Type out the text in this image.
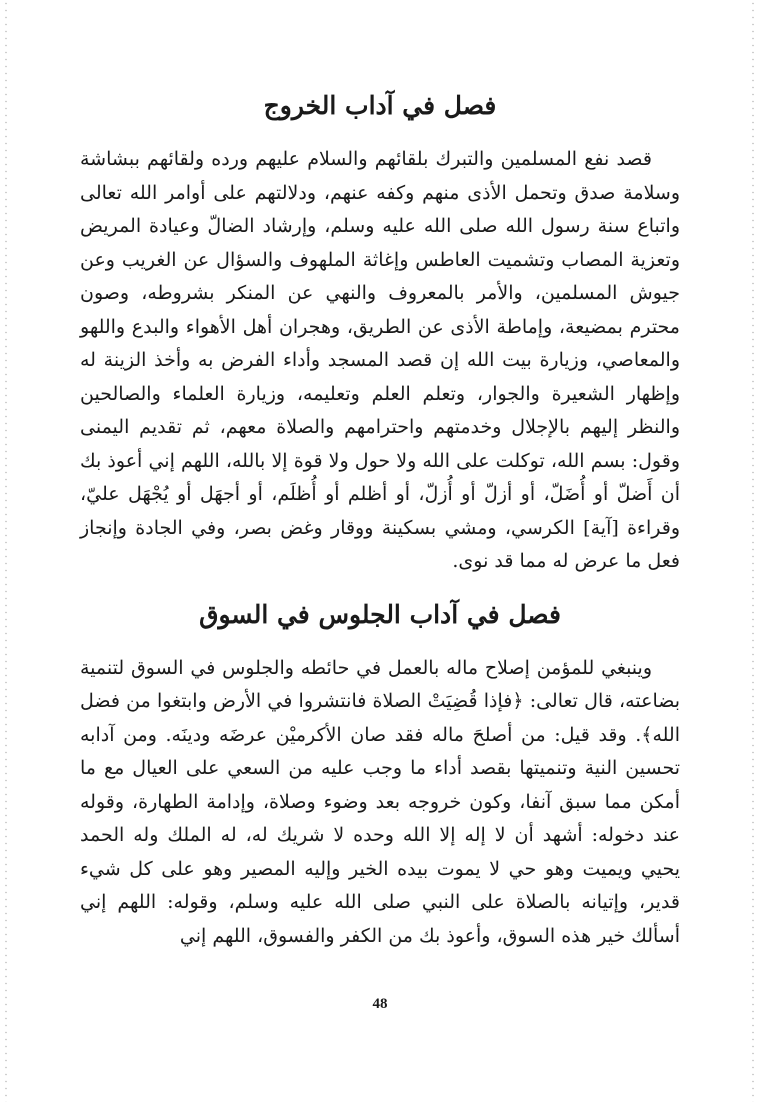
فصل في آداب الخروج

قصد نفع المسلمين والتبرك بلقائهم والسلام عليهم ورده ولقائهم ببشاشة وسلامة صدق وتحمل الأذى منهم وكفه عنهم، ودلالتهم على أوامر الله تعالى واتباع سنة رسول الله صلى الله عليه وسلم، وإرشاد الضالّ وعيادة المريض وتعزية المصاب وتشميت العاطس وإغاثة الملهوف والسؤال عن الغريب وعن جيوش المسلمين، والأمر بالمعروف والنهي عن المنكر بشروطه، وصون محترم بمضيعة، وإماطة الأذى عن الطريق، وهجران أهل الأهواء والبدع واللهو والمعاصي، وزيارة بيت الله إن قصد المسجد وأداء الفرض به وأخذ الزينة له وإظهار الشعيرة والجوار، وتعلم العلم وتعليمه، وزيارة العلماء والصالحين والنظر إليهم بالإجلال وخدمتهم واحترامهم والصلاة معهم، ثم تقديم اليمنى وقول: بسم الله، توكلت على الله ولا حول ولا قوة إلا بالله، اللهم إني أعوذ بك أن أَضلّ أو أُضَلّ، أو أزلّ أو أُزلّ، أو أظلم أو أُظلَم، أو أجهَل أو يُجْهَل عليّ، وقراءة [آية] الكرسي، ومشي بسكينة ووقار وغض بصر، وفي الجادة وإنجاز فعل ما عرض له مما قد نوى.

فصل في آداب الجلوس في السوق

وينبغي للمؤمن إصلاح ماله بالعمل في حائطه والجلوس في السوق لتنمية بضاعته، قال تعالى: ﴿فإذا قُضِيَتْ الصلاة فانتشروا في الأرض وابتغوا من فضل الله﴾. وقد قيل: من أصلحَ ماله فقد صان الأكرميْن عرضَه ودينَه. ومن آدابه تحسين النية وتنميتها بقصد أداء ما وجب عليه من السعي على العيال مع ما أمكن مما سبق آنفا، وكون خروجه بعد وضوء وصلاة، وإدامة الطهارة، وقوله عند دخوله: أشهد أن لا إله إلا الله وحده لا شريك له، له الملك وله الحمد يحيي ويميت وهو حي لا يموت بيده الخير وإليه المصير وهو على كل شيء قدير، وإتيانه بالصلاة على النبي صلى الله عليه وسلم، وقوله: اللهم إني أسألك خير هذه السوق، وأعوذ بك من الكفر والفسوق، اللهم إني

48
